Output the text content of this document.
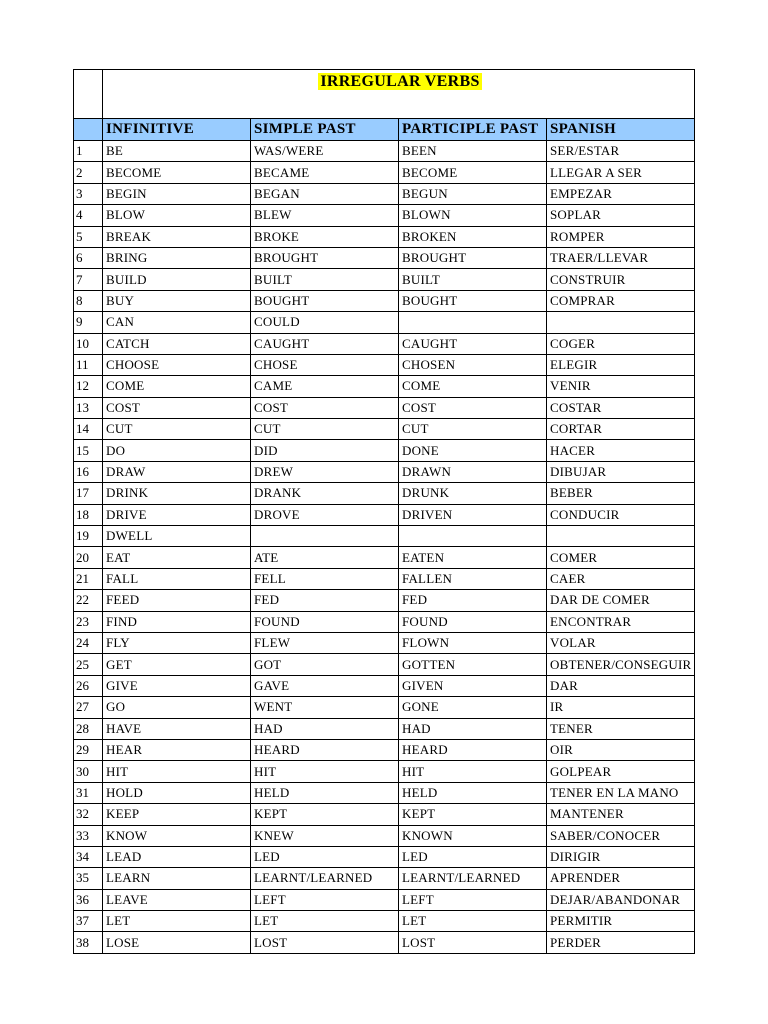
	IRREGULAR VERBS			
	INFINITIVE	SIMPLE PAST	PARTICIPLE PAST	SPANISH
1	BE	WAS/WERE	BEEN	SER/ESTAR
2	BECOME	BECAME	BECOME	LLEGAR A SER
3	BEGIN	BEGAN	BEGUN	EMPEZAR
4	BLOW	BLEW	BLOWN	SOPLAR
5	BREAK	BROKE	BROKEN	ROMPER
6	BRING	BROUGHT	BROUGHT	TRAER/LLEVAR
7	BUILD	BUILT	BUILT	CONSTRUIR
8	BUY	BOUGHT	BOUGHT	COMPRAR
9	CAN	COULD		
10	CATCH	CAUGHT	CAUGHT	COGER
11	CHOOSE	CHOSE	CHOSEN	ELEGIR
12	COME	CAME	COME	VENIR
13	COST	COST	COST	COSTAR
14	CUT	CUT	CUT	CORTAR
15	DO	DID	DONE	HACER
16	DRAW	DREW	DRAWN	DIBUJAR
17	DRINK	DRANK	DRUNK	BEBER
18	DRIVE	DROVE	DRIVEN	CONDUCIR
19	DWELL			
20	EAT	ATE	EATEN	COMER
21	FALL	FELL	FALLEN	CAER
22	FEED	FED	FED	DAR DE COMER
23	FIND	FOUND	FOUND	ENCONTRAR
24	FLY	FLEW	FLOWN	VOLAR
25	GET	GOT	GOTTEN	OBTENER/CONSEGUIR
26	GIVE	GAVE	GIVEN	DAR
27	GO	WENT	GONE	IR
28	HAVE	HAD	HAD	TENER
29	HEAR	HEARD	HEARD	OIR
30	HIT	HIT	HIT	GOLPEAR
31	HOLD	HELD	HELD	TENER EN LA MANO
32	KEEP	KEPT	KEPT	MANTENER
33	KNOW	KNEW	KNOWN	SABER/CONOCER
34	LEAD	LED	LED	DIRIGIR
35	LEARN	LEARNT/LEARNED	LEARNT/LEARNED	APRENDER
36	LEAVE	LEFT	LEFT	DEJAR/ABANDONAR
37	LET	LET	LET	PERMITIR
38	LOSE	LOST	LOST	PERDER
